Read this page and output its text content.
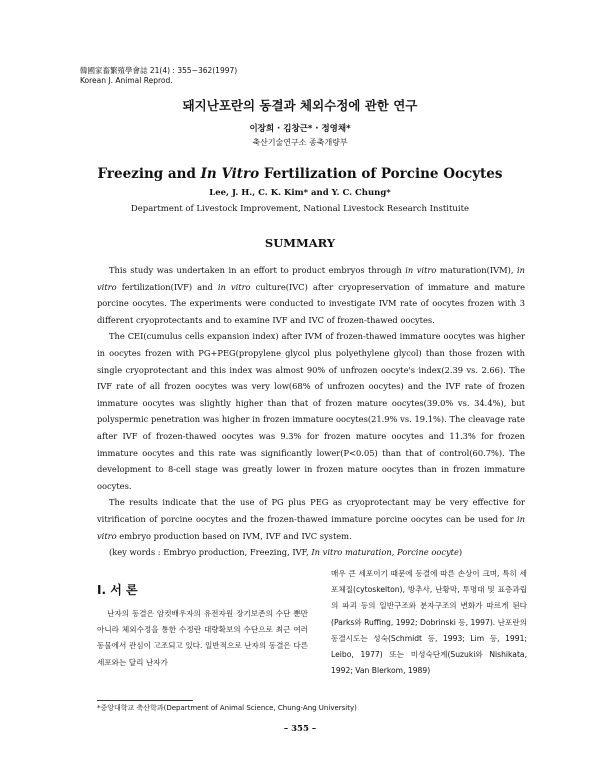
韓國家畜繁殖學會誌 21(4) : 355~362(1997)
Korean J. Animal Reprod.
돼지난포란의 동결과 체외수정에 관한 연구
이장희 · 김창근* · 정영채*
축산기술연구소 종축개량부
Freezing and In Vitro Fertilization of Porcine Oocytes
Lee, J. H., C. K. Kim* and Y. C. Chung*
Department of Livestock Improvement, National Livestock Research Instituite
SUMMARY

This study was undertaken in an effort to product embryos through in vitro maturation(IVM), in vitro fertilization(IVF) and in vitro culture(IVC) after cryopreservation of immature and mature porcine oocytes. The experiments were conducted to investigate IVM rate of oocytes frozen with 3 different cryoprotectants and to examine IVF and IVC of frozen-thawed oocytes.

The CEI(cumulus cells expansion index) after IVM of frozen-thawed immature oocytes was higher in oocytes frozen with PG+PEG(propylene glycol plus polyethylene glycol) than those frozen with single cryoprotectant and this index was almost 90% of unfrozen oocyte's index(2.39 vs. 2.66). The IVF rate of all frozen oocytes was very low(68% of unfrozen oocytes) and the IVF rate of frozen immature oocytes was slightly higher than that of frozen mature oocytes(39.0% vs. 34.4%), but polyspermic penetration was higher in frozen immature oocytes(21.9% vs. 19.1%). The cleavage rate after IVF of frozen-thawed oocytes was 9.3% for frozen mature oocytes and 11.3% for frozen immature oocytes and this rate was significantly lower(P<0.05) than that of control(60.7%). The development to 8-cell stage was greatly lower in frozen mature oocytes than in frozen immature oocytes.

The results indicate that the use of PG plus PEG as cryoprotectant may be very effective for vitrification of porcine oocytes and the frozen-thawed immature porcine oocytes can be used for in vitro embryo production based on IVM, IVF and IVC system.

(key words : Embryo production, Freezing, IVF, In vitro maturation, Porcine oocyte)

Ⅰ. 서 론

난자의 동결은 암컷배우자의 유전자원 장기보존의 수단 뿐만 아니라 체외수정을 통한 수정란 대량확보의 수단으로 최근 여러 동물에서 관심이 고조되고 있다. 일반적으로 난자의 동결은 다른 세포와는 달리 난자가

매우 큰 세포이기 때문에 동결에 따른 손상이 크며, 특히 세포체질(cytoskelton), 방추사, 난황막, 투명대 및 표층과립의 파괴 등의 일반구조와 분자구조의 변화가 따르게 된다(Parks와 Ruffing, 1992; Dobrinski 등, 1997). 난포란의 동결시도는 성숙(Schmidt 등, 1993; Lim 등, 1991; Leibo, 1977) 또는 미성숙단계(Suzuki와 Nishikata, 1992; Van Blerkom, 1989)

*중앙대학교 축산학과(Department of Animal Science, Chung-Ang University)
– 355 –
